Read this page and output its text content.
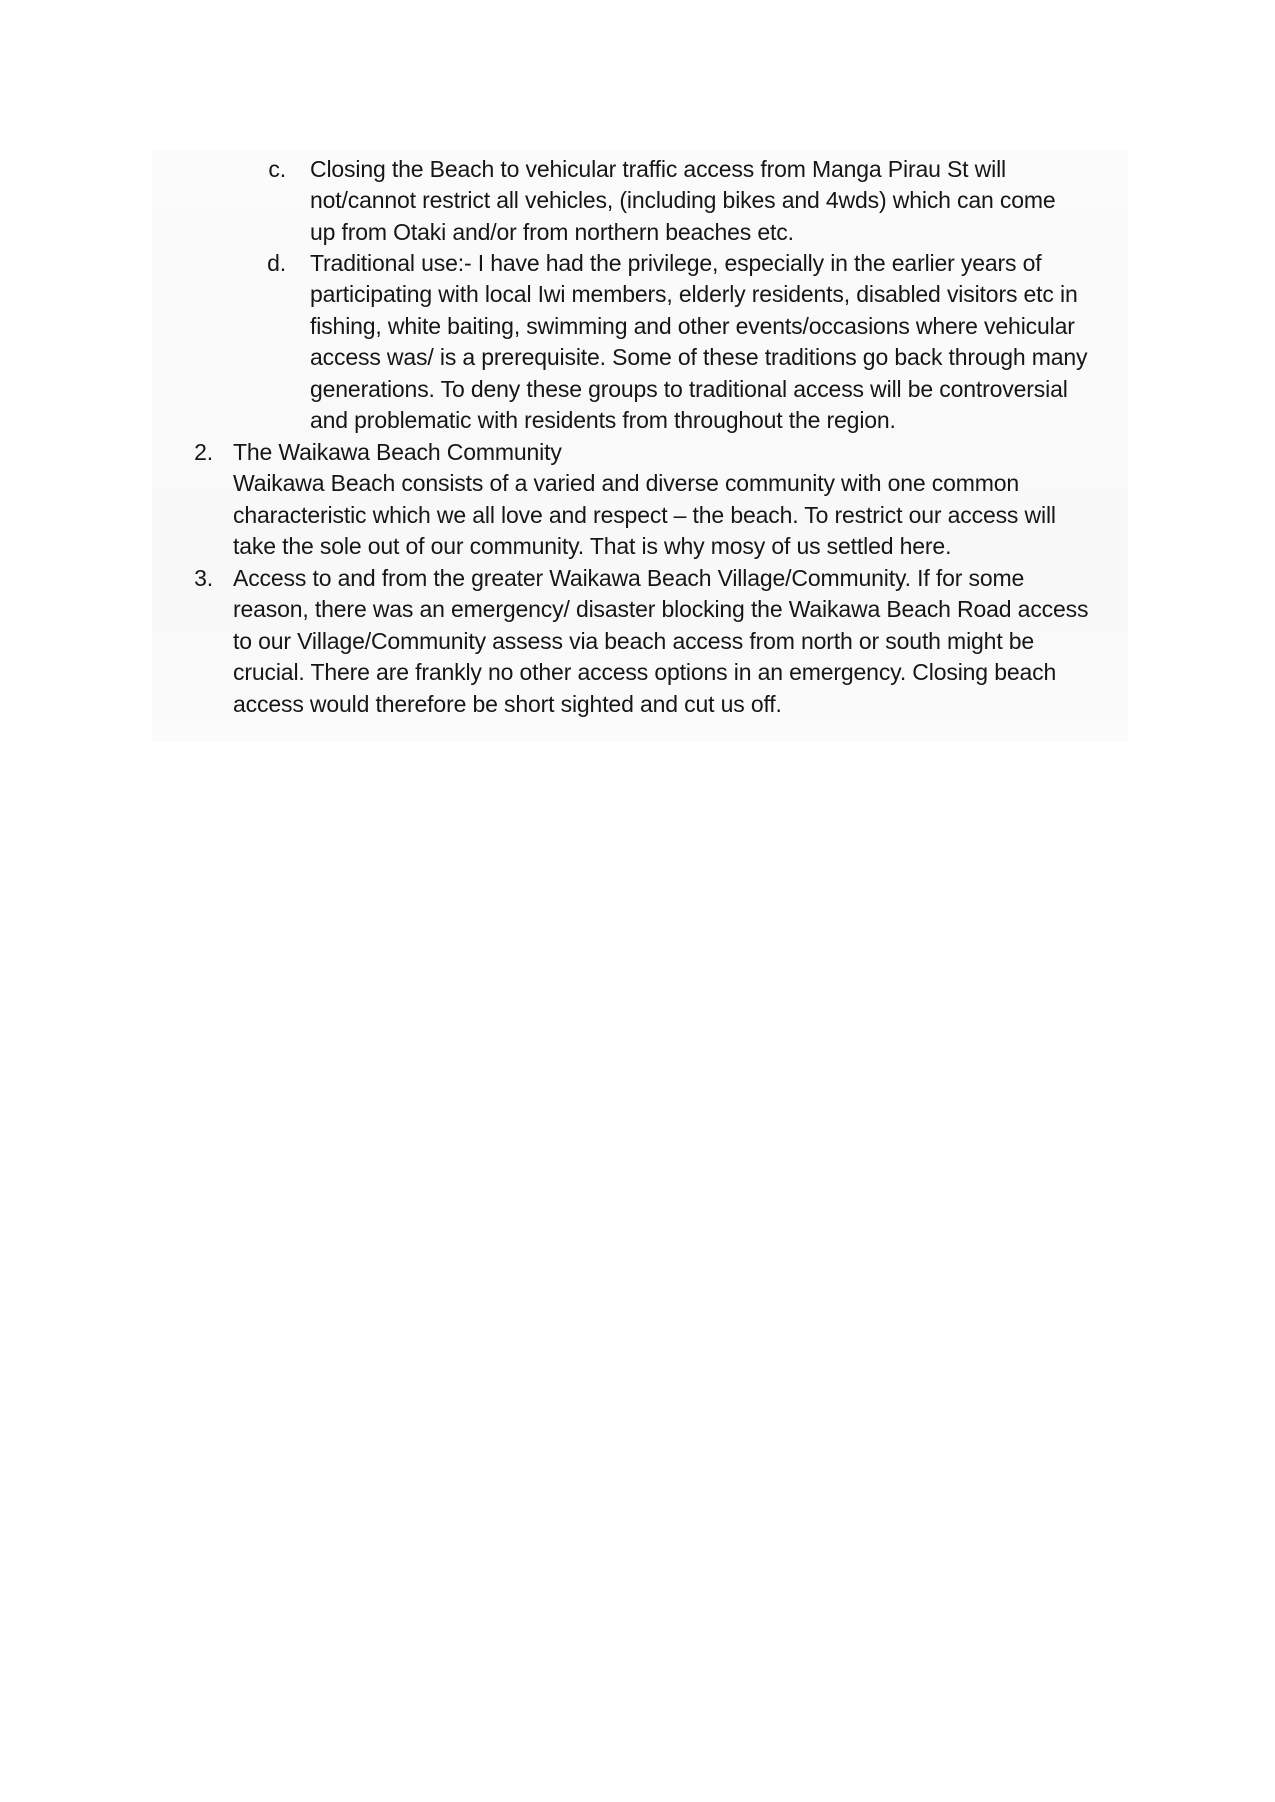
c. Closing the Beach to vehicular traffic access from Manga Pirau St will
not/cannot restrict all vehicles, (including bikes and 4wds) which can come
up from Otaki and/or from northern beaches etc.
d. Traditional use:- I have had the privilege, especially in the earlier years of
participating with local Iwi members, elderly residents, disabled visitors etc in
fishing, white baiting, swimming and other events/occasions where vehicular
access was/ is a prerequisite. Some of these traditions go back through many
generations. To deny these groups to traditional access will be controversial
and problematic with residents from throughout the region.
2. The Waikawa Beach Community
Waikawa Beach consists of a varied and diverse community with one common
characteristic which we all love and respect – the beach. To restrict our access will
take the sole out of our community. That is why mosy of us settled here.
3. Access to and from the greater Waikawa Beach Village/Community. If for some
reason, there was an emergency/ disaster blocking the Waikawa Beach Road access
to our Village/Community assess via beach access from north or south might be
crucial. There are frankly no other access options in an emergency. Closing beach
access would therefore be short sighted and cut us off.
